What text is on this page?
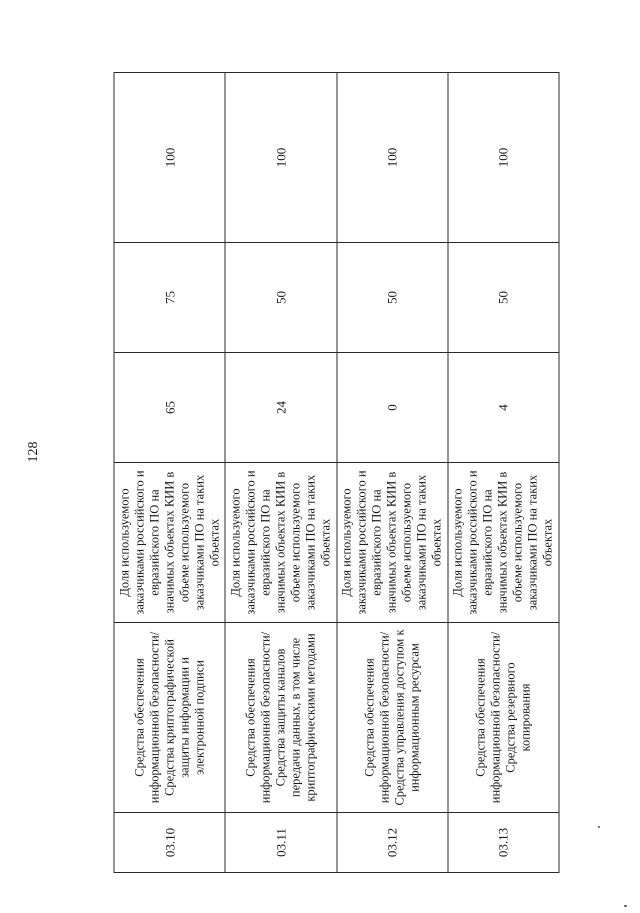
128
03.10	Средства обеспечения информационной безопасности/Средства криптографической защиты информации и электронной подписи	Доля используемого заказчиками российского и евразийского ПО на значимых объектах КИИ в объеме используемого заказчиками ПО на таких объектах	65	75	100
03.11	Средства обеспечения информационной безопасности/Средства защиты каналов передачи данных, в том числе криптографическими методами	Доля используемого заказчиками российского и евразийского ПО на значимых объектах КИИ в объеме используемого заказчиками ПО на таких объектах	24	50	100
03.12	Средства обеспечения информационной безопасности/ Средства управления доступом к информационным ресурсам	Доля используемого заказчиками российского и евразийского ПО на значимых объектах КИИ в объеме используемого заказчиками ПО на таких объектах	0	50	100
03.13	Средства обеспечения информационной безопасности/Средства резервного копирования	Доля используемого заказчиками российского и евразийского ПО на значимых объектах КИИ в объеме используемого заказчиками ПО на таких объектах	4	50	100
